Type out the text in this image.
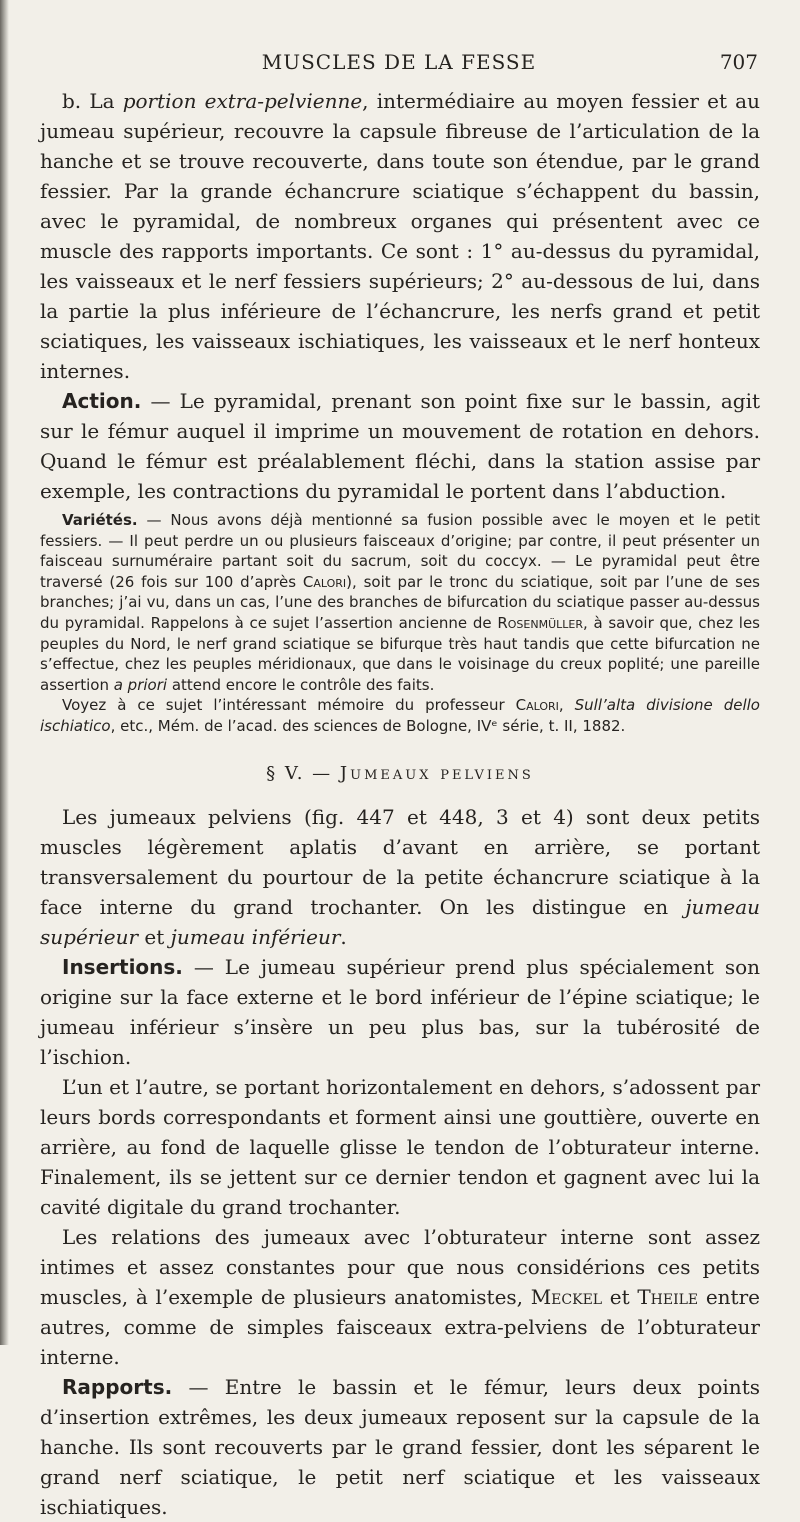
MUSCLES DE LA FESSE	707

b. La portion extra-pelvienne, intermédiaire au moyen fessier et au jumeau supérieur, recouvre la capsule fibreuse de l’articulation de la hanche et se trouve recouverte, dans toute son étendue, par le grand fessier. Par la grande échancrure sciatique s’échappent du bassin, avec le pyramidal, de nombreux organes qui présentent avec ce muscle des rapports importants. Ce sont : 1° au-dessus du pyramidal, les vaisseaux et le nerf fessiers supérieurs; 2° au-dessous de lui, dans la partie la plus inférieure de l’échancrure, les nerfs grand et petit sciatiques, les vaisseaux ischiatiques, les vaisseaux et le nerf honteux internes.

Action. — Le pyramidal, prenant son point fixe sur le bassin, agit sur le fémur auquel il imprime un mouvement de rotation en dehors. Quand le fémur est préalablement fléchi, dans la station assise par exemple, les contractions du pyramidal le portent dans l’abduction.

Variétés. — Nous avons déjà mentionné sa fusion possible avec le moyen et le petit fessiers. — Il peut perdre un ou plusieurs faisceaux d’origine; par contre, il peut présenter un faisceau surnuméraire partant soit du sacrum, soit du coccyx. — Le pyramidal peut être traversé (26 fois sur 100 d’après Calori), soit par le tronc du sciatique, soit par l’une de ses branches; j’ai vu, dans un cas, l’une des branches de bifurcation du sciatique passer au-dessus du pyramidal. Rappelons à ce sujet l’assertion ancienne de Rosenmüller, à savoir que, chez les peuples du Nord, le nerf grand sciatique se bifurque très haut tandis que cette bifurcation ne s’effectue, chez les peuples méridionaux, que dans le voisinage du creux poplité; une pareille assertion a priori attend encore le contrôle des faits.

Voyez à ce sujet l’intéressant mémoire du professeur Calori, Sull’alta divisione dello ischiatico, etc., Mém. de l’acad. des sciences de Bologne, IVᵉ série, t. II, 1882.

§ V. — Jumeaux pelviens

Les jumeaux pelviens (fig. 447 et 448, 3 et 4) sont deux petits muscles légèrement aplatis d’avant en arrière, se portant transversalement du pourtour de la petite échancrure sciatique à la face interne du grand trochanter. On les distingue en jumeau supérieur et jumeau inférieur.

Insertions. — Le jumeau supérieur prend plus spécialement son origine sur la face externe et le bord inférieur de l’épine sciatique; le jumeau inférieur s’insère un peu plus bas, sur la tubérosité de l’ischion.

L’un et l’autre, se portant horizontalement en dehors, s’adossent par leurs bords correspondants et forment ainsi une gouttière, ouverte en arrière, au fond de laquelle glisse le tendon de l’obturateur interne. Finalement, ils se jettent sur ce dernier tendon et gagnent avec lui la cavité digitale du grand trochanter.

Les relations des jumeaux avec l’obturateur interne sont assez intimes et assez constantes pour que nous considérions ces petits muscles, à l’exemple de plusieurs anatomistes, Meckel et Theile entre autres, comme de simples faisceaux extra-pelviens de l’obturateur interne.

Rapports. — Entre le bassin et le fémur, leurs deux points d’insertion extrêmes, les deux jumeaux reposent sur la capsule de la hanche. Ils sont recouverts par le grand fessier, dont les séparent le grand nerf sciatique, le petit nerf sciatique et les vaisseaux ischiatiques.
